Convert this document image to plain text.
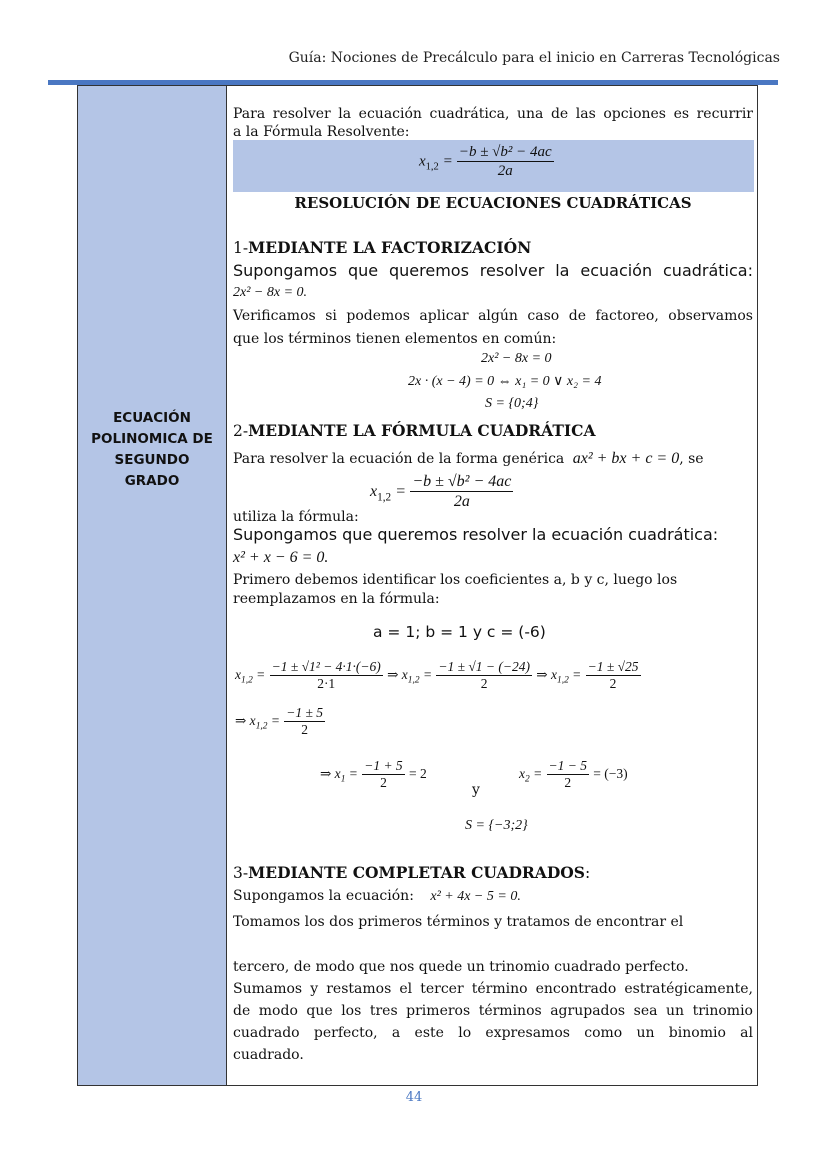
Guía: Nociones de Precálculo para el inicio en Carreras Tecnológicas
ECUACIÓN
POLINOMICA DE
SEGUNDO
GRADO

Para resolver la ecuación cuadrática, una de las opciones es recurrir

a la Fórmula Resolvente:

$x_{1,2} = \frac{\text{−b ± √b² − 4ac}}{2a}$
RESOLUCIÓN DE ECUACIONES CUADRÁTICAS
1-MEDIANTE LA FACTORIZACIÓN

Supongamos que queremos resolver la ecuación cuadrática:

2x² − 8x = 0.

Verificamos si podemos aplicar algún caso de factoreo, observamos

que los términos tienen elementos en común:

2x² − 8x = 0
2x · (x − 4) = 0 ⇔ x₁ = 0 ∨ x₂ = 4
S = {0;4}
2-MEDIANTE LA FÓRMULA CUADRÁTICA
Para resolver la ecuación de la forma genérica ax² + bx + c = 0, se
$x_{1,2} = \frac{\text{−b ± √b² − 4ac}}{2a}$

utiliza la fórmula:

Supongamos que queremos resolver la ecuación cuadrática:

x² + x − 6 = 0.

Primero debemos identificar los coeficientes a, b y c, luego los

reemplazamos en la fórmula:

a = 1; b = 1 y c = (-6)
$x_{1,2} = \frac{\text{−1 ± √1² − 4·1·(−6)}}{2\cdot 1}$ ⇒ $x_{1,2} = \frac{-1 \pm √1 - (-24)}{2}$ ⇒ $x_{1,2} = \frac{-1 \pm √25}{2}$
⇒ $x_{1,2} = \frac{-1 \pm 5}{2}$
⇒ $x_1 = \frac{-1 + 5}{2} = 2$
y
$x_2 = \frac{-1 - 5}{2} = (-3)$
S = {−3;2}
3-MEDIANTE COMPLETAR CUADRADOS:
Supongamos la ecuación: x² + 4x − 5 = 0.

Tomamos los dos primeros términos y tratamos de encontrar el

tercero, de modo que nos quede un trinomio cuadrado perfecto.

Sumamos y restamos el tercer término encontrado estratégicamente,

de modo que los tres primeros términos agrupados sea un trinomio

cuadrado perfecto, a este lo expresamos como un binomio al

cuadrado.

44
